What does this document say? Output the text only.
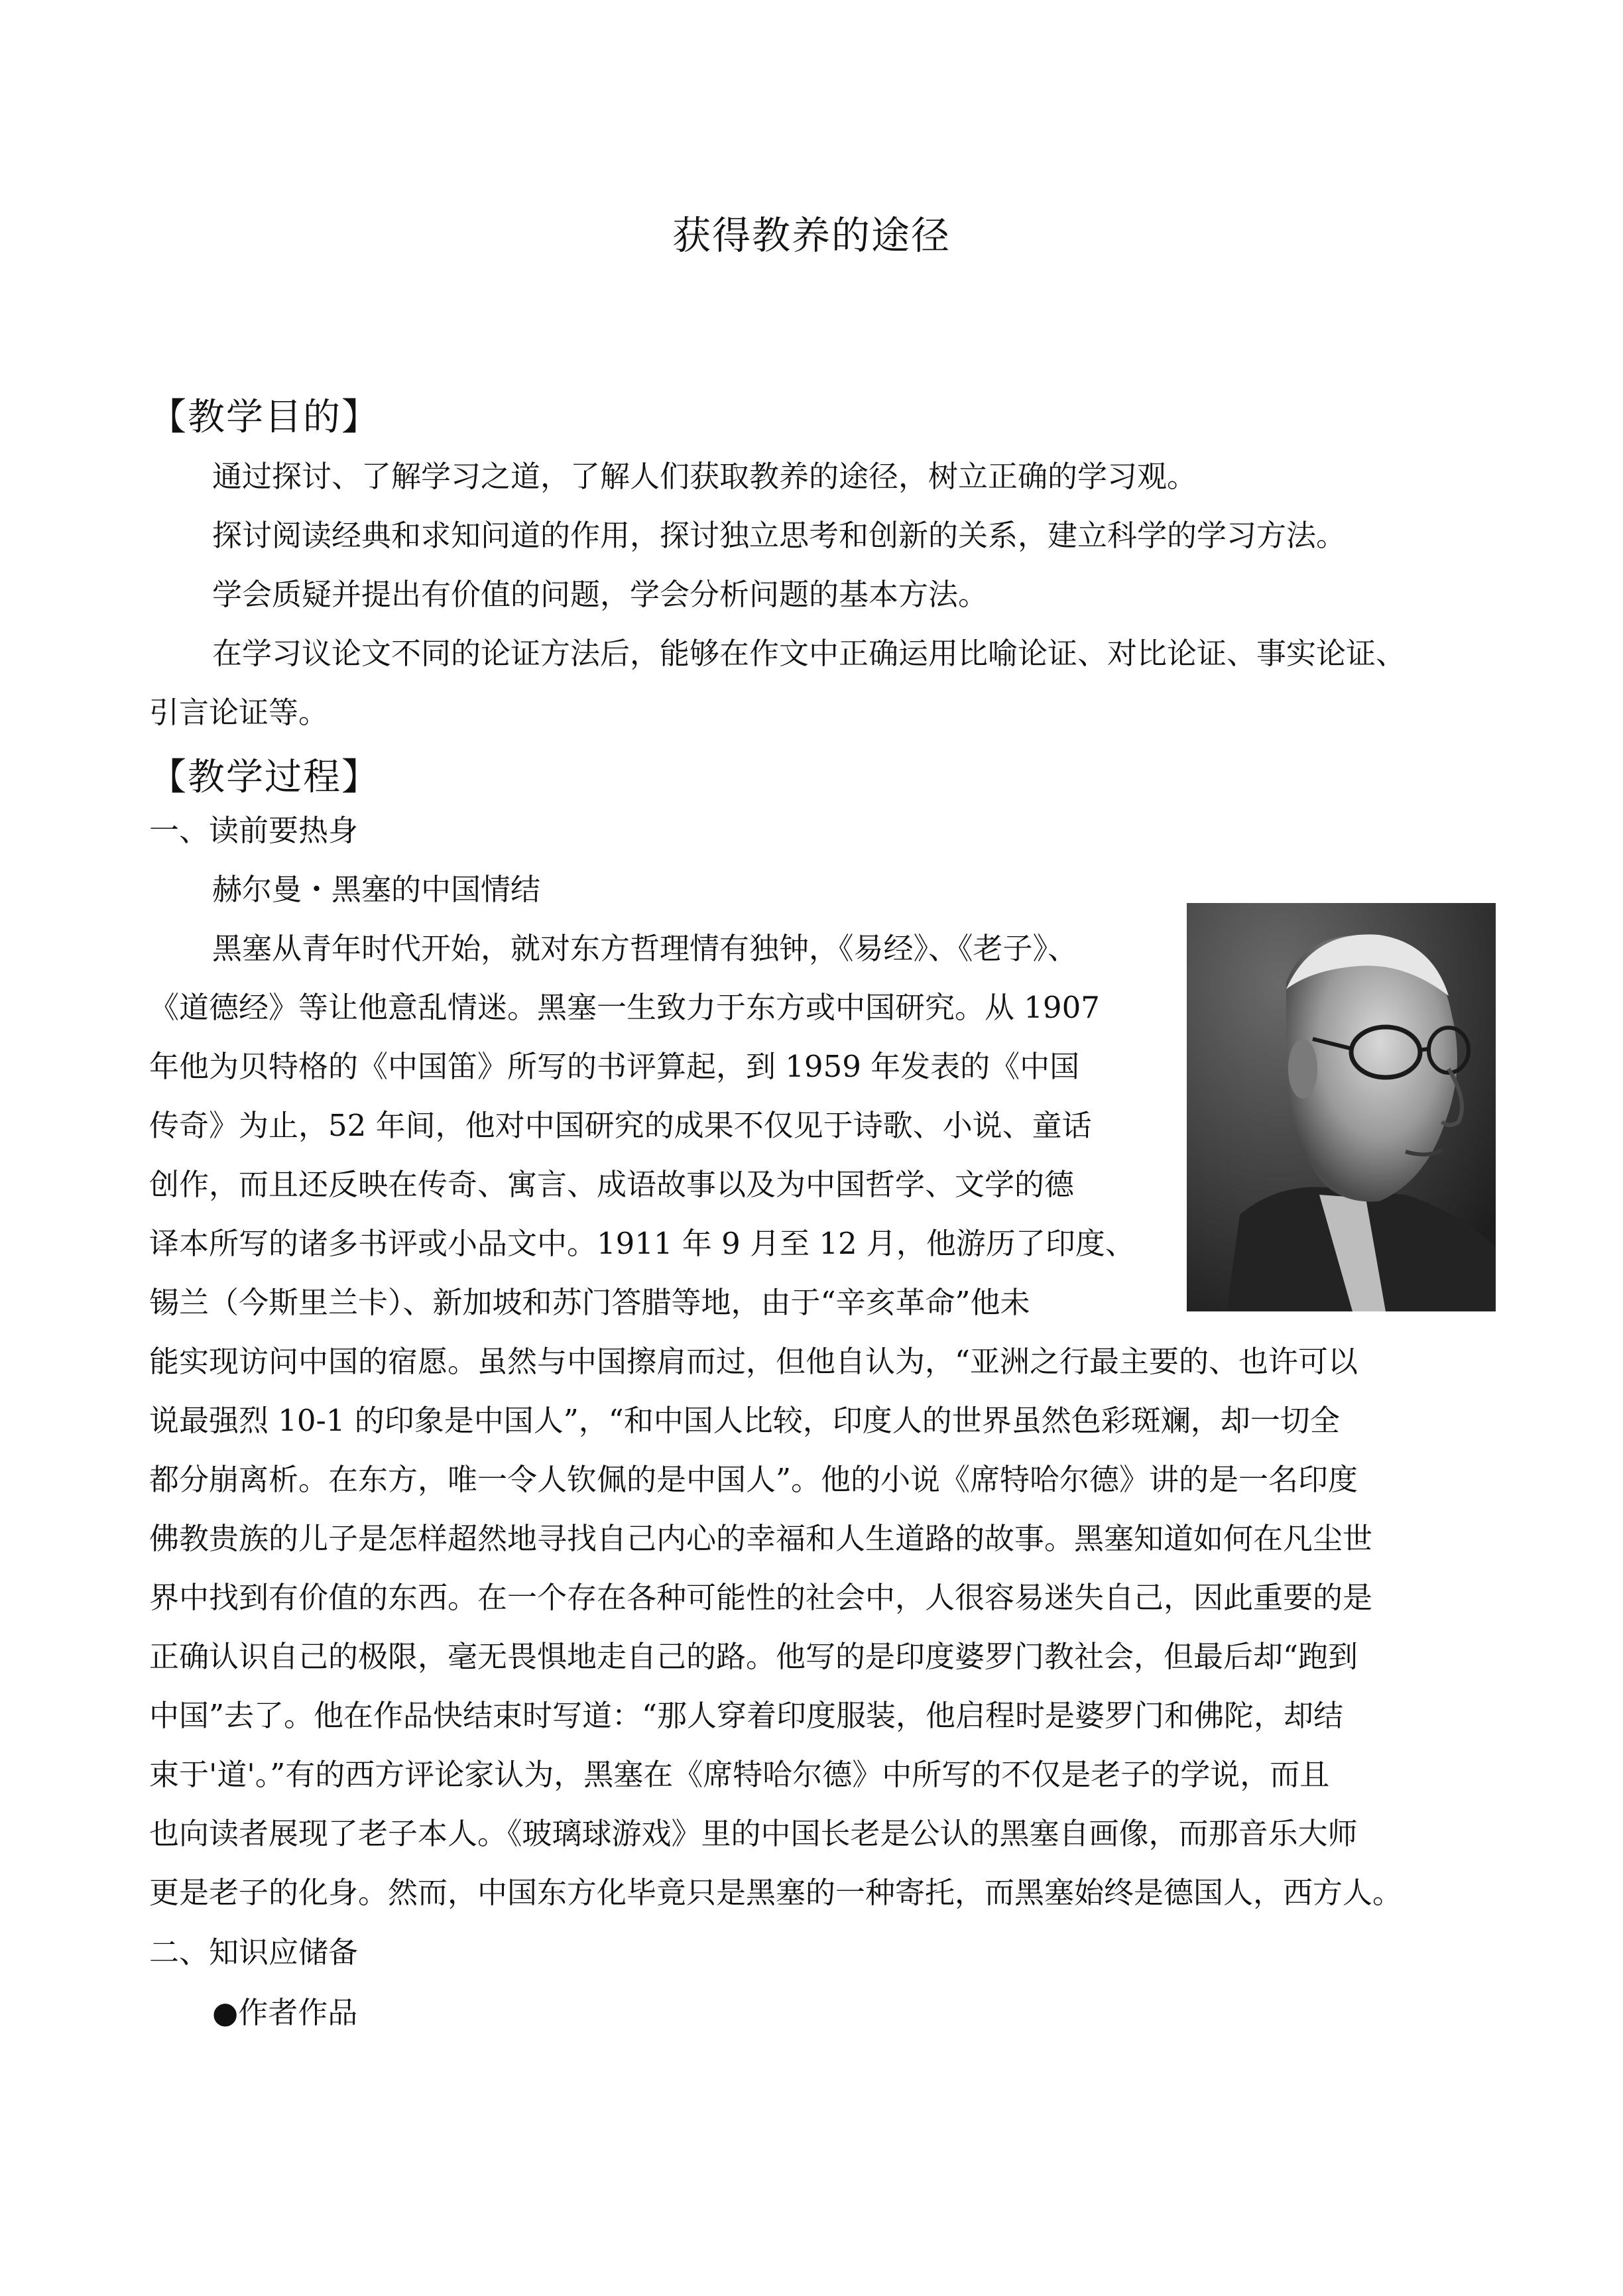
获得教养的途径
【教学目的】

通过探讨、了解学习之道，了解人们获取教养的途径，树立正确的学习观。

探讨阅读经典和求知问道的作用，探讨独立思考和创新的关系，建立科学的学习方法。

学会质疑并提出有价值的问题，学会分析问题的基本方法。

在学习议论文不同的论证方法后，能够在作文中正确运用比喻论证、对比论证、事实论证、

引言论证等。

【教学过程】

一、读前要热身

赫尔曼・黑塞的中国情结

黑塞从青年时代开始，就对东方哲理情有独钟，《易经》、《老子》、
《道德经》等让他意乱情迷。黑塞一生致力于东方或中国研究。从 1907
年他为贝特格的《中国笛》所写的书评算起，到 1959 年发表的《中国
传奇》为止，52 年间，他对中国研究的成果不仅见于诗歌、小说、童话
创作，而且还反映在传奇、寓言、成语故事以及为中国哲学、文学的德
译本所写的诸多书评或小品文中。1911 年 9 月至 12 月，他游历了印度、
锡兰（今斯里兰卡）、新加坡和苏门答腊等地，由于“辛亥革命”他未
能实现访问中国的宿愿。虽然与中国擦肩而过，但他自认为，“亚洲之行最主要的、也许可以
说最强烈 10-1 的印象是中国人”，“和中国人比较，印度人的世界虽然色彩斑斓，却一切全
都分崩离析。在东方，唯一令人钦佩的是中国人”。他的小说《席特哈尔德》讲的是一名印度
佛教贵族的儿子是怎样超然地寻找自己内心的幸福和人生道路的故事。黑塞知道如何在凡尘世
界中找到有价值的东西。在一个存在各种可能性的社会中，人很容易迷失自己，因此重要的是
正确认识自己的极限，毫无畏惧地走自己的路。他写的是印度婆罗门教社会，但最后却“跑到
中国”去了。他在作品快结束时写道：“那人穿着印度服装，他启程时是婆罗门和佛陀，却结
束于'道'。”有的西方评论家认为，黑塞在《席特哈尔德》中所写的不仅是老子的学说，而且
也向读者展现了老子本人。《玻璃球游戏》里的中国长老是公认的黑塞自画像，而那音乐大师
更是老子的化身。然而，中国东方化毕竟只是黑塞的一种寄托，而黑塞始终是德国人，西方人。

二、知识应储备

●作者作品
